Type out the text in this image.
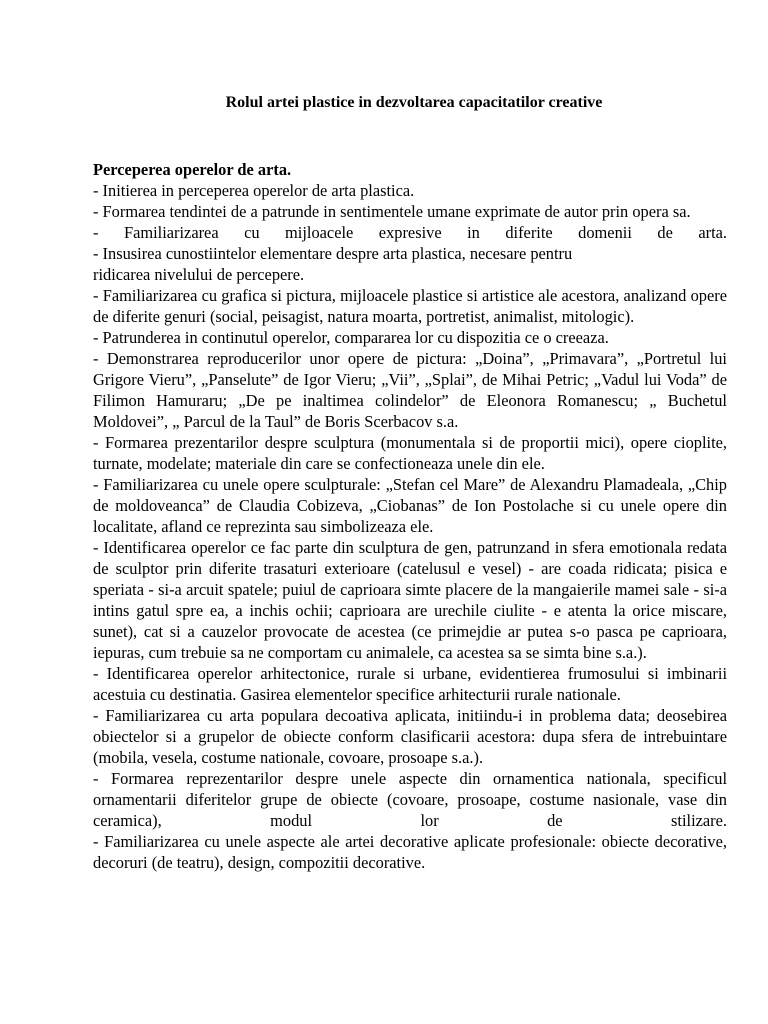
Rolul artei plastice in dezvoltarea capacitatilor creative

Perceperea operelor de arta.

- Initierea in perceperea operelor de arta plastica.

- Formarea tendintei de a patrunde in sentimentele umane exprimate de autor prin opera sa.

- Familiarizarea cu mijloacele expresive in diferite domenii de arta.

- Insusirea cunostiintelor elementare despre arta plastica, necesare pentru

ridicarea nivelului de percepere.

- Familiarizarea cu grafica si pictura, mijloacele plastice si artistice ale acestora, analizand opere de diferite genuri (social, peisagist, natura moarta, portretist, animalist, mitologic).

- Patrunderea in continutul operelor, compararea lor cu dispozitia ce o creeaza.

- Demonstrarea reproducerilor unor opere de pictura: „Doina”, „Primavara”, „Portretul lui Grigore Vieru”, „Panselute” de Igor Vieru; „Vii”, „Splai”, de Mihai Petric; „Vadul lui Voda” de Filimon Hamuraru; „De pe inaltimea colindelor” de Eleonora Romanescu; „ Buchetul Moldovei”, „ Parcul de la Taul” de Boris Scerbacov s.a.

- Formarea prezentarilor despre sculptura (monumentala si de proportii mici), opere cioplite, turnate, modelate; materiale din care se confectioneaza unele din ele.

- Familiarizarea cu unele opere sculpturale: „Stefan cel Mare” de Alexandru Plamadeala, „Chip de moldoveanca” de Claudia Cobizeva, „Ciobanas” de Ion Postolache si cu unele opere din localitate, afland ce reprezinta sau simbolizeaza ele.

- Identificarea operelor ce fac parte din sculptura de gen, patrunzand in sfera emotionala redata de sculptor prin diferite trasaturi exterioare (catelusul e vesel) - are coada ridicata; pisica e speriata - si-a arcuit spatele; puiul de caprioara simte placere de la mangaierile mamei sale - si-a intins gatul spre ea, a inchis ochii; caprioara are urechile ciulite - e atenta la orice miscare, sunet), cat si a cauzelor provocate de acestea (ce primejdie ar putea s-o pasca pe caprioara, iepuras, cum trebuie sa ne comportam cu animalele, ca acestea sa se simta bine s.a.).

- Identificarea operelor arhitectonice, rurale si urbane, evidentierea frumosului si imbinarii acestuia cu destinatia. Gasirea elementelor specifice arhitecturii rurale nationale.

- Familiarizarea cu arta populara decoativa aplicata, initiindu-i in problema data; deosebirea obiectelor si a grupelor de obiecte conform clasificarii acestora: dupa sfera de intrebuintare (mobila, vesela, costume nationale, covoare, prosoape s.a.).

- Formarea reprezentarilor despre unele aspecte din ornamentica nationala, specificul ornamentarii diferitelor grupe de obiecte (covoare, prosoape, costume nasionale, vase din ceramica), modul lor de stilizare.

- Familiarizarea cu unele aspecte ale artei decorative aplicate profesionale: obiecte decorative, decoruri (de teatru), design, compozitii decorative.
